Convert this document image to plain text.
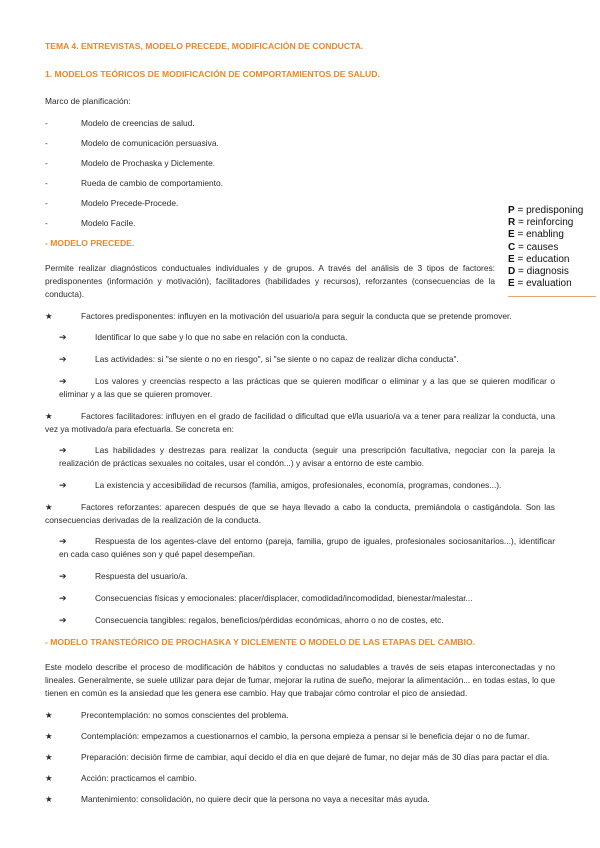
TEMA 4. ENTREVISTAS, MODELO PRECEDE, MODIFICACIÓN DE CONDUCTA.
1. MODELOS TEÓRICOS DE MODIFICACIÓN DE COMPORTAMIENTOS DE SALUD.
Marco de planificación:
-	Modelo de creencias de salud.
-	Modelo de comunicación persuasiva.
-	Modelo de Prochaska y Diclemente.
-	Rueda de cambio de comportamiento.
-	Modelo Precede-Procede.
-	Modelo Facile.
- MODELO PRECEDE.
Permite realizar diagnósticos conductuales individuales y de grupos. A través del análisis de 3 tipos de factores: predisponentes (información y motivación), facilitadores (habilidades y recursos), reforzantes (consecuencias de la conducta).
★	Factores predisponentes: influyen en la motivación del usuario/a para seguir la conducta que se pretende promover.
➔	Identificar lo que sabe y lo que no sabe en relación con la conducta.
➔	Las actividades: si "se siente o no en riesgo", si "se siente o no capaz de realizar dicha conducta".
➔	Los valores y creencias respecto a las prácticas que se quieren modificar o eliminar y a las que se quieren modificar o eliminar y a las que se quieren promover.
★	Factores facilitadores: influyen en el grado de facilidad o dificultad que el/la usuario/a va a tener para realizar la conducta, una vez ya motivado/a para efectuarla. Se concreta en:
➔	Las habilidades y destrezas para realizar la conducta (seguir una prescripción facultativa, negociar con la pareja la realización de prácticas sexuales no coitales, usar el condón...) y avisar a entorno de este cambio.
➔	La existencia y accesibilidad de recursos (familia, amigos, profesionales, economía, programas, condones...).
★	Factores reforzantes: aparecen después de que se haya llevado a cabo la conducta, premiándola o castigándola. Son las consecuencias derivadas de la realización de la conducta.
➔	Respuesta de los agentes-clave del entorno (pareja, familia, grupo de iguales, profesionales sociosanitarios...), identificar en cada caso quiénes son y qué papel desempeñan.
➔	Respuesta del usuario/a.
➔	Consecuencias físicas y emocionales: placer/displacer, comodidad/incomodidad, bienestar/malestar...
➔	Consecuencia tangibles: regalos, beneficios/pérdidas económicas, ahorro o no de costes, etc.
- MODELO TRANSTEÓRICO DE PROCHASKA Y DICLEMENTE O MODELO DE LAS ETAPAS DEL CAMBIO.
Este modelo describe el proceso de modificación de hábitos y conductas no saludables a través de seis etapas interconectadas y no lineales. Generalmente, se suele utilizar para dejar de fumar, mejorar la rutina de sueño, mejorar la alimentación... en todas estas, lo que tienen en común es la ansiedad que les genera ese cambio. Hay que trabajar cómo controlar el pico de ansiedad.
★	Precontemplación: no somos conscientes del problema.
★	Contemplación: empezamos a cuestionarnos el cambio, la persona empieza a pensar si le beneficia dejar o no de fumar.
★	Preparación: decisión firme de cambiar, aquí decido el día en que dejaré de fumar, no dejar más de 30 días para pactar el día.
★	Acción: practicamos el cambio.
★	Mantenimiento: consolidación, no quiere decir que la persona no vaya a necesitar más ayuda.
P = predisponing
R = reinforcing
E = enabling
C = causes
E = education
D = diagnosis
E = evaluation
